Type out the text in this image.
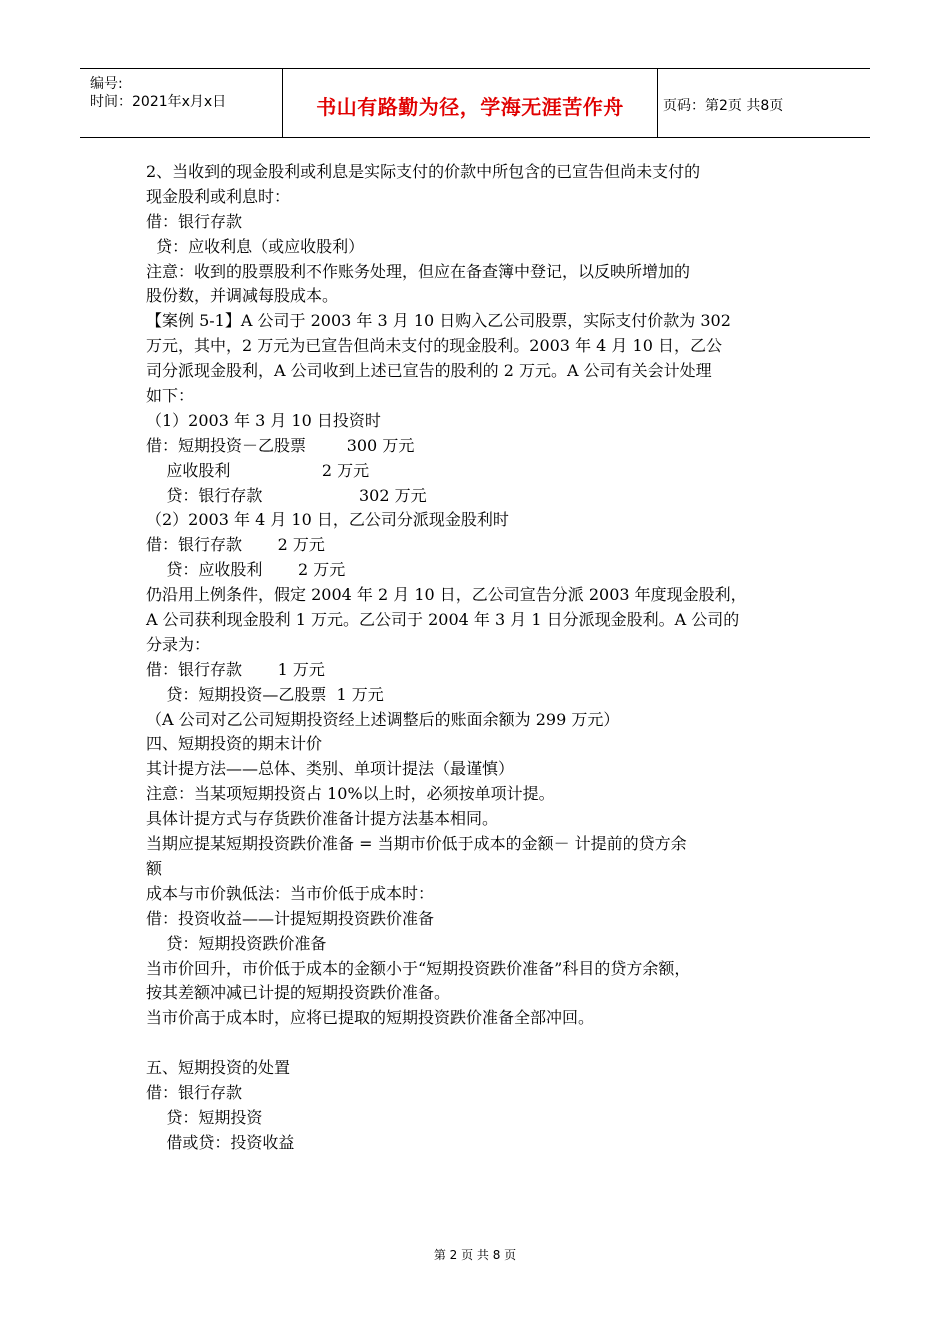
编号:
时间：2021年x月x日	书山有路勤为径，学海无涯苦作舟	页码：第2页 共8页
2、当收到的现金股利或利息是实际支付的价款中所包含的已宣告但尚未支付的
现金股利或利息时：
借：银行存款
贷：应收利息（或应收股利）
注意：收到的股票股利不作账务处理，但应在备查簿中登记，以反映所增加的
股份数，并调减每股成本。
【案例 5-1】A 公司于 2003 年 3 月 10 日购入乙公司股票，实际支付价款为 302
万元，其中，2 万元为已宣告但尚未支付的现金股利。2003 年 4 月 10 日，乙公
司分派现金股利，A 公司收到上述已宣告的股利的 2 万元。A 公司有关会计处理
如下：
（1）2003 年 3 月 10 日投资时
借：短期投资－乙股票        300 万元
应收股利                  2 万元
贷：银行存款                   302 万元
（2）2003 年 4 月 10 日，乙公司分派现金股利时
借：银行存款       2 万元
贷：应收股利       2 万元
仍沿用上例条件，假定 2004 年 2 月 10 日，乙公司宣告分派 2003 年度现金股利，
A 公司获利现金股利 1 万元。乙公司于 2004 年 3 月 1 日分派现金股利。A 公司的
分录为：
借：银行存款       1 万元
贷：短期投资—乙股票  1 万元
（A 公司对乙公司短期投资经上述调整后的账面余额为 299 万元）
四、短期投资的期末计价
其计提方法——总体、类别、单项计提法（最谨慎）
注意：当某项短期投资占 10%以上时，必须按单项计提。
具体计提方式与存货跌价准备计提方法基本相同。
当期应提某短期投资跌价准备 = 当期市价低于成本的金额－ 计提前的贷方余
额
成本与市价孰低法：当市价低于成本时：
借：投资收益——计提短期投资跌价准备
贷：短期投资跌价准备
当市价回升，市价低于成本的金额小于“短期投资跌价准备”科目的贷方余额，
按其差额冲减已计提的短期投资跌价准备。
当市价高于成本时，应将已提取的短期投资跌价准备全部冲回。
五、短期投资的处置
借：银行存款
贷：短期投资
借或贷：投资收益
第 2 页 共 8 页
